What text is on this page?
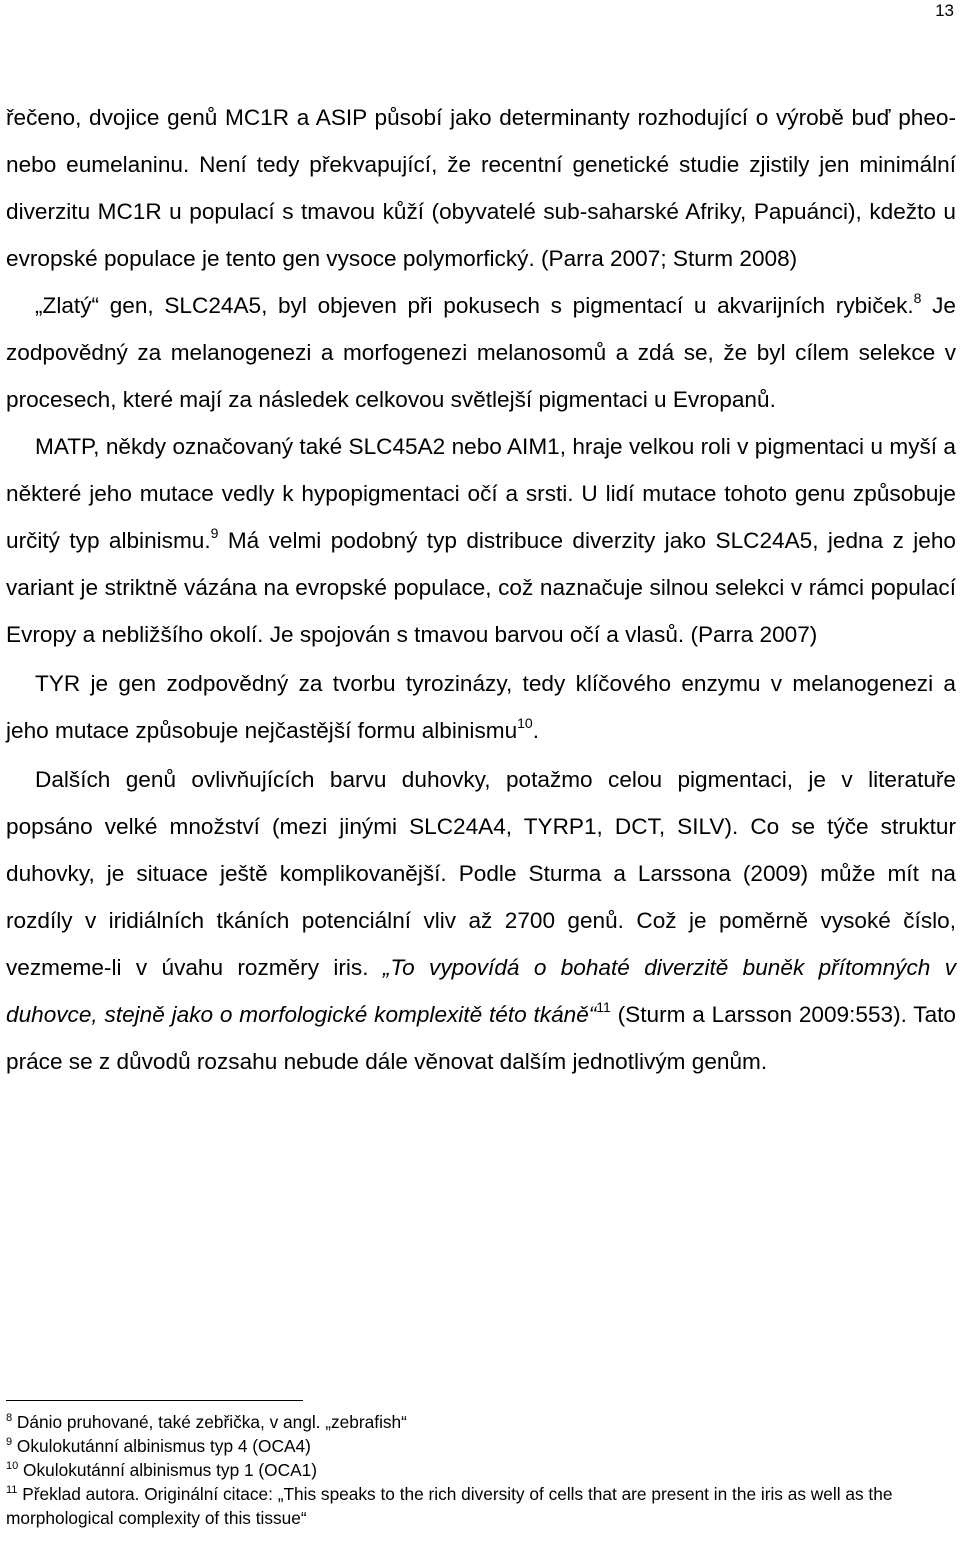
13

řečeno, dvojice genů MC1R a ASIP působí jako determinanty rozhodující o výrobě buď pheo- nebo eumelaninu. Není tedy překvapující, že recentní genetické studie zjistily jen minimální diverzitu MC1R u populací s tmavou kůží (obyvatelé sub-saharské Afriky, Papuánci), kdežto u evropské populace je tento gen vysoce polymorfický. (Parra 2007; Sturm 2008)

„Zlatý“ gen, SLC24A5, byl objeven při pokusech s pigmentací u akvarijních rybiček.$^8$ Je zodpovědný za melanogenezi a morfogenezi melanosomů a zdá se, že byl cílem selekce v procesech, které mají za následek celkovou světlejší pigmentaci u Evropanů.

MATP, někdy označovaný také SLC45A2 nebo AIM1, hraje velkou roli v pigmentaci u myší a některé jeho mutace vedly k hypopigmentaci očí a srsti. U lidí mutace tohoto genu způsobuje určitý typ albinismu.$^9$ Má velmi podobný typ distribuce diverzity jako SLC24A5, jedna z jeho variant je striktně vázána na evropské populace, což naznačuje silnou selekci v rámci populací Evropy a nebližšího okolí. Je spojován s tmavou barvou očí a vlasů. (Parra 2007)

TYR je gen zodpovědný za tvorbu tyrozinázy, tedy klíčového enzymu v melanogenezi a jeho mutace způsobuje nejčastější formu albinismu$^{10}$.

Dalších genů ovlivňujících barvu duhovky, potažmo celou pigmentaci, je v literatuře popsáno velké množství (mezi jinými SLC24A4, TYRP1, DCT, SILV). Co se týče struktur duhovky, je situace ještě komplikovanější. Podle Sturma a Larssona (2009) může mít na rozdíly v iridiálních tkáních potenciální vliv až 2700 genů. Což je poměrně vysoké číslo, vezmeme-li v úvahu rozměry iris. „To vypovídá o bohaté diverzitě buněk přítomných v duhovce, stejně jako o morfologické komplexitě této tkáně“$^{11}$ (Sturm a Larsson 2009:553). Tato práce se z důvodů rozsahu nebude dále věnovat dalším jednotlivým genům.

$^8$ Dánio pruhované, také zebřička, v angl. „zebrafish“

$^9$ Okulokutánní albinismus typ 4 (OCA4)

$^{10}$ Okulokutánní albinismus typ 1 (OCA1)

$^{11}$ Překlad autora. Originální citace: „This speaks to the rich diversity of cells that are present in the iris as well as the morphological complexity of this tissue“
